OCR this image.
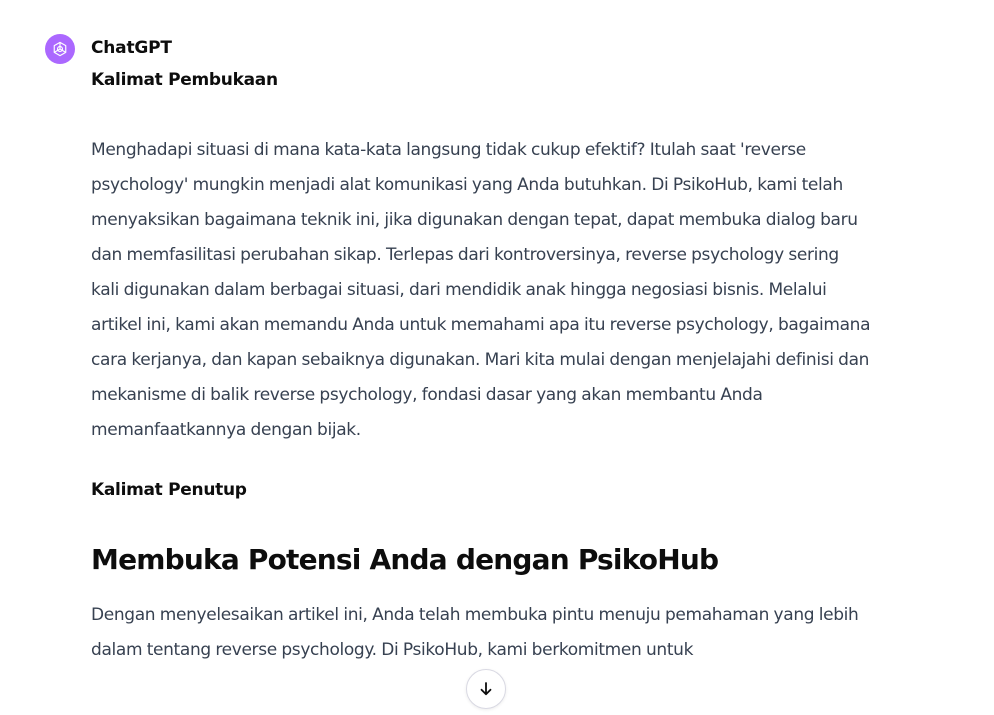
ChatGPT

Kalimat Pembukaan

Menghadapi situasi di mana kata-kata langsung tidak cukup efektif? Itulah saat 'reverse psychology' mungkin menjadi alat komunikasi yang Anda butuhkan. Di PsikoHub, kami telah menyaksikan bagaimana teknik ini, jika digunakan dengan tepat, dapat membuka dialog baru dan memfasilitasi perubahan sikap. Terlepas dari kontroversinya, reverse psychology sering kali digunakan dalam berbagai situasi, dari mendidik anak hingga negosiasi bisnis. Melalui artikel ini, kami akan memandu Anda untuk memahami apa itu reverse psychology, bagaimana cara kerjanya, dan kapan sebaiknya digunakan. Mari kita mulai dengan menjelajahi definisi dan mekanisme di balik reverse psychology, fondasi dasar yang akan membantu Anda memanfaatkannya dengan bijak.

Kalimat Penutup

Membuka Potensi Anda dengan PsikoHub

Dengan menyelesaikan artikel ini, Anda telah membuka pintu menuju pemahaman yang lebih dalam tentang reverse psychology. Di PsikoHub, kami berkomitmen untuk
